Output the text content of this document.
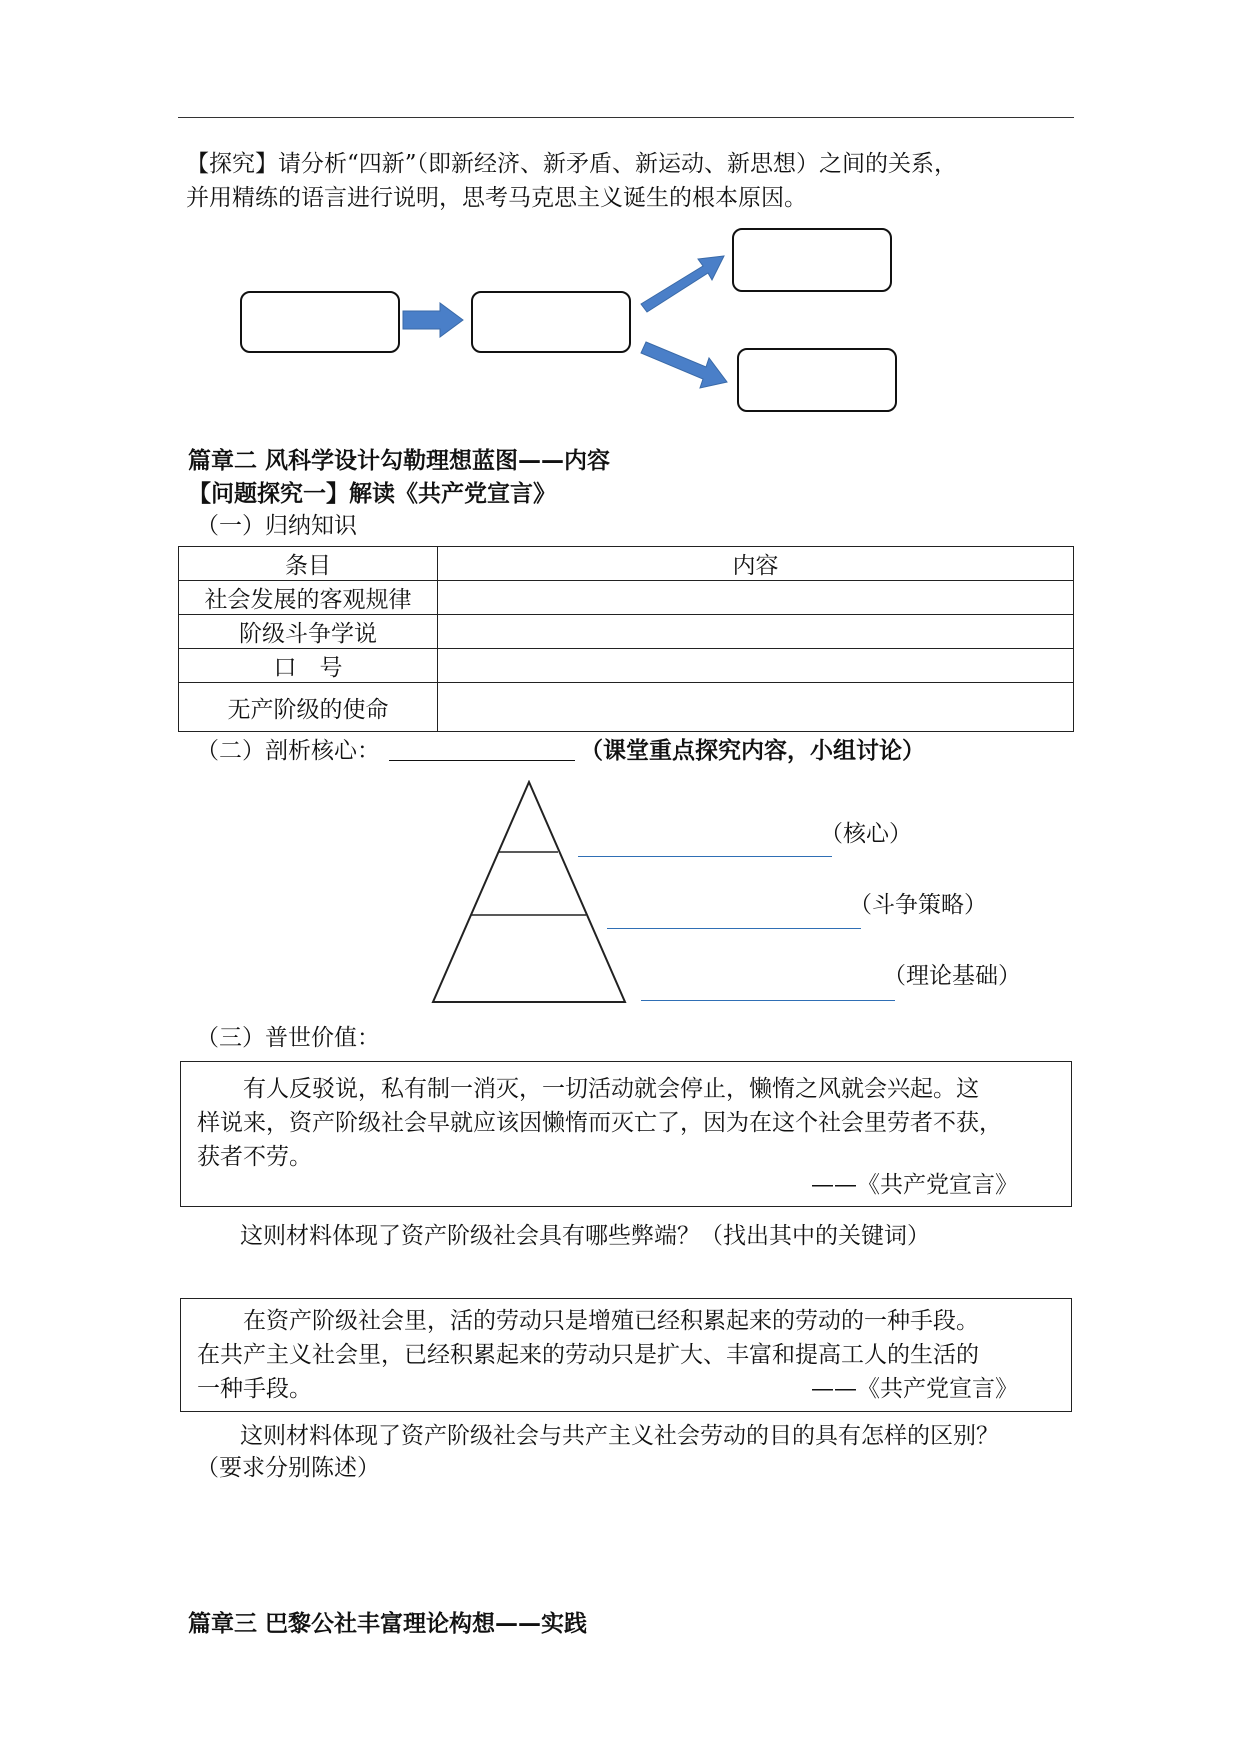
【探究】请分析“四新”（即新经济、新矛盾、新运动、新思想）之间的关系，
并用精练的语言进行说明，思考马克思主义诞生的根本原因。
篇章二 风科学设计勾勒理想蓝图——内容
【问题探究一】解读《共产党宣言》
（一）归纳知识
条目	内容
社会发展的客观规律	
阶级斗争学说	
口　号	
无产阶级的使命	
（二）剖析核心：	（课堂重点探究内容，小组讨论）
（核心）
（斗争策略）
（理论基础）
（三）普世价值：

有人反驳说，私有制一消灭，一切活动就会停止，懒惰之风就会兴起。这

样说来，资产阶级社会早就应该因懒惰而灭亡了，因为在这个社会里劳者不获，

获者不劳。

——《共产党宣言》

这则材料体现了资产阶级社会具有哪些弊端？（找出其中的关键词）

在资产阶级社会里，活的劳动只是增殖已经积累起来的劳动的一种手段。

在共产主义社会里，已经积累起来的劳动只是扩大、丰富和提高工人的生活的

一种手段。	——《共产党宣言》

这则材料体现了资产阶级社会与共产主义社会劳动的目的具有怎样的区别？
（要求分别陈述）
篇章三 巴黎公社丰富理论构想——实践
